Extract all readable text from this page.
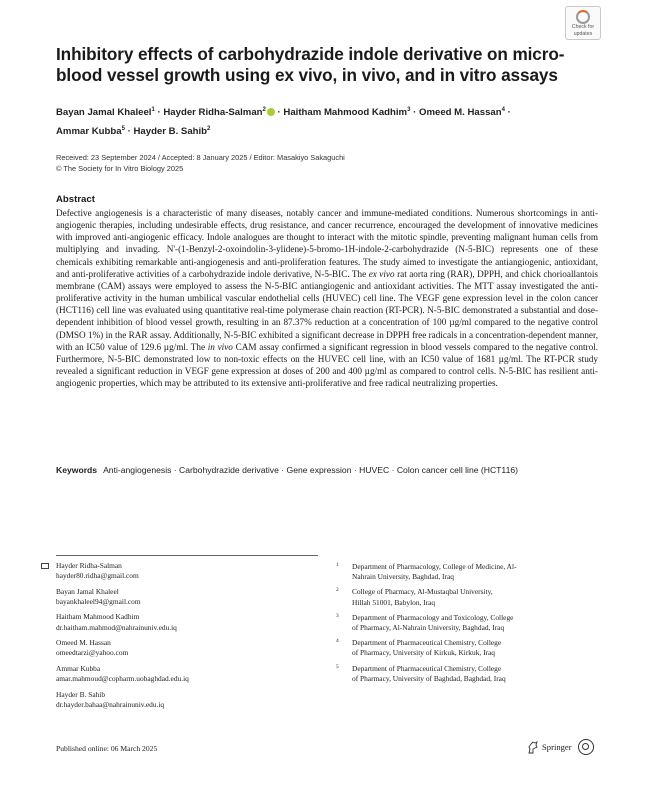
Check for
updates
Inhibitory effects of carbohydrazide indole derivative on micro-blood vessel growth using ex vivo, in vivo, and in vitro assays
Bayan Jamal Khaleel$^1$ · Hayder Ridha-Salman$^2$ · Haitham Mahmood Kadhim$^3$ · Omeed M. Hassan$^4$ ·
Ammar Kubba$^5$ · Hayder B. Sahib$^2$
Received: 23 September 2024 / Accepted: 8 January 2025 / Editor: Masakiyo Sakaguchi
© The Society for In Vitro Biology 2025
Abstract

Defective angiogenesis is a characteristic of many diseases, notably cancer and immune-mediated conditions. Numerous shortcomings in anti-angiogenic therapies, including undesirable effects, drug resistance, and cancer recurrence, encouraged the development of innovative medicines with improved anti-angiogenic efficacy. Indole analogues are thought to interact with the mitotic spindle, preventing malignant human cells from multiplying and invading. N'-(1-Benzyl-2-oxoindolin-3-ylidene)-5-bromo-1H-indole-2-carbohydrazide (N-5-BIC) represents one of these chemicals exhibiting remarkable anti-angiogenesis and anti-proliferation features. The study aimed to investigate the antiangiogenic, antioxidant, and anti-proliferative activities of a carbohydrazide indole derivative, N-5-BIC. The ex vivo rat aorta ring (RAR), DPPH, and chick chorioallantois membrane (CAM) assays were employed to assess the N-5-BIC antiangiogenic and antioxidant activities. The MTT assay investigated the anti-proliferative activity in the human umbilical vascular endothelial cells (HUVEC) cell line. The VEGF gene expression level in the colon cancer (HCT116) cell line was evaluated using quantitative real-time polymerase chain reaction (RT-PCR). N-5-BIC demonstrated a substantial and dose-dependent inhibition of blood vessel growth, resulting in an 87.37% reduction at a concentration of 100 µg/ml compared to the negative control (DMSO 1%) in the RAR assay. Additionally, N-5-BIC exhibited a significant decrease in DPPH free radicals in a concentration-dependent manner, with an IC50 value of 129.6 µg/ml. The in vivo CAM assay confirmed a significant regression in blood vessels compared to the negative control. Furthermore, N-5-BIC demonstrated low to non-toxic effects on the HUVEC cell line, with an IC50 value of 1681 µg/ml. The RT-PCR study revealed a significant reduction in VEGF gene expression at doses of 200 and 400 µg/ml as compared to control cells. N-5-BIC has resilient anti-angiogenic properties, which may be attributed to its extensive anti-proliferative and free radical neutralizing properties.

Keywords Anti-angiogenesis · Carbohydrazide derivative · Gene expression · HUVEC · Colon cancer cell line (HCT116)
Hayder Ridha-Salman
hayder80.ridha@gmail.com
Bayan Jamal Khaleel
bayankhaleel94@gmail.com
Haitham Mahmood Kadhim
dr.haitham.mahmod@nahrainuniv.edu.iq
Omeed M. Hassan
omeedtarzi@yahoo.com
Ammar Kubba
amar.mahmoud@copharm.uobaghdad.edu.iq
Hayder B. Sahib
dr.hayder.bahaa@nahrainuniv.edu.iq
1 Department of Pharmacology, College of Medicine, Al-
Nahrain University, Baghdad, Iraq
2 College of Pharmacy, Al-Mustaqbal University,
Hillah 51001, Babylon, Iraq
3 Department of Pharmacology and Toxicology, College
of Pharmacy, Al-Nahrain University, Baghdad, Iraq
4 Department of Pharmaceutical Chemistry, College
of Pharmacy, University of Kirkuk, Kirkuk, Iraq
5 Department of Pharmaceutical Chemistry, College
of Pharmacy, University of Baghdad, Baghdad, Iraq
Published online: 06 March 2025	Springer
